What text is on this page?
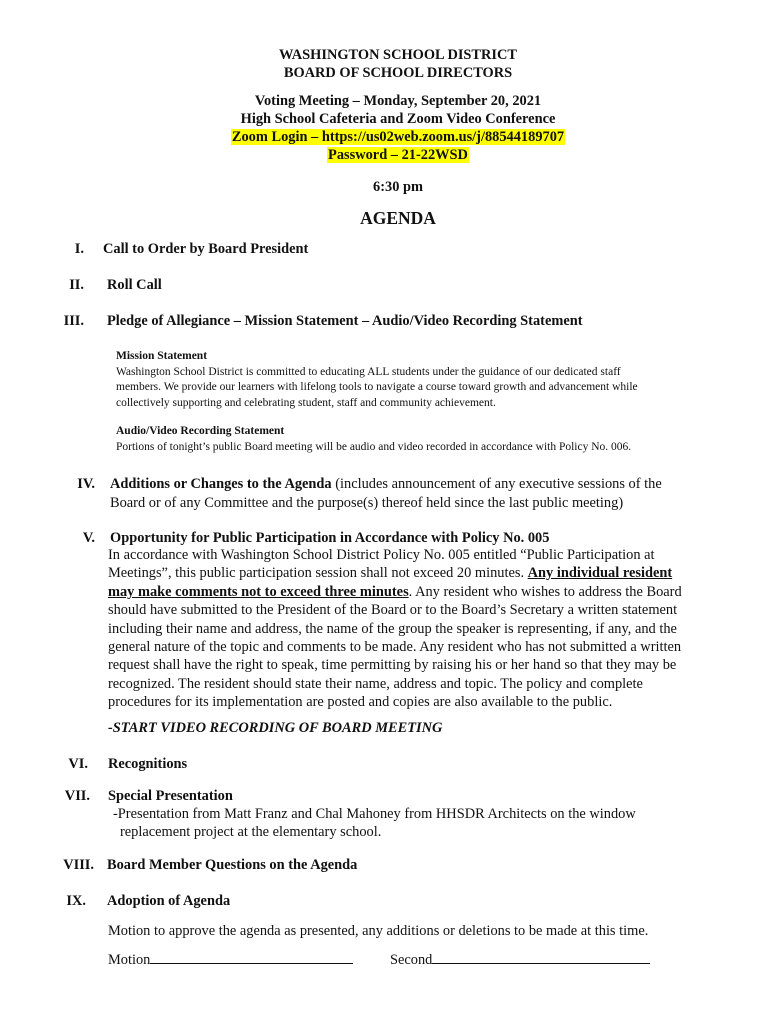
WASHINGTON SCHOOL DISTRICT
BOARD OF SCHOOL DIRECTORS
Voting Meeting – Monday, September 20, 2021
High School Cafeteria and Zoom Video Conference
Zoom Login – https://us02web.zoom.us/j/88544189707
Password – 21-22WSD
6:30 pm
AGENDA
I. Call to Order by Board President
II. Roll Call
III. Pledge of Allegiance – Mission Statement – Audio/Video Recording Statement
Mission Statement
Washington School District is committed to educating ALL students under the guidance of our dedicated staff
members. We provide our learners with lifelong tools to navigate a course toward growth and advancement while
collectively supporting and celebrating student, staff and community achievement.
Audio/Video Recording Statement
Portions of tonight’s public Board meeting will be audio and video recorded in accordance with Policy No. 006.
IV. Additions or Changes to the Agenda (includes announcement of any executive sessions of the
Board or of any Committee and the purpose(s) thereof held since the last public meeting)
V. Opportunity for Public Participation in Accordance with Policy No. 005
In accordance with Washington School District Policy No. 005 entitled “Public Participation at
Meetings”, this public participation session shall not exceed 20 minutes. Any individual resident
may make comments not to exceed three minutes. Any resident who wishes to address the Board
should have submitted to the President of the Board or to the Board’s Secretary a written statement
including their name and address, the name of the group the speaker is representing, if any, and the
general nature of the topic and comments to be made. Any resident who has not submitted a written
request shall have the right to speak, time permitting by raising his or her hand so that they may be
recognized. The resident should state their name, address and topic. The policy and complete
procedures for its implementation are posted and copies are also available to the public.
-START VIDEO RECORDING OF BOARD MEETING
VI. Recognitions
VII. Special Presentation
-Presentation from Matt Franz and Chal Mahoney from HHSDR Architects on the window
replacement project at the elementary school.
VIII. Board Member Questions on the Agenda
IX. Adoption of Agenda
Motion to approve the agenda as presented, any additions or deletions to be made at this time.
Motion	Second
